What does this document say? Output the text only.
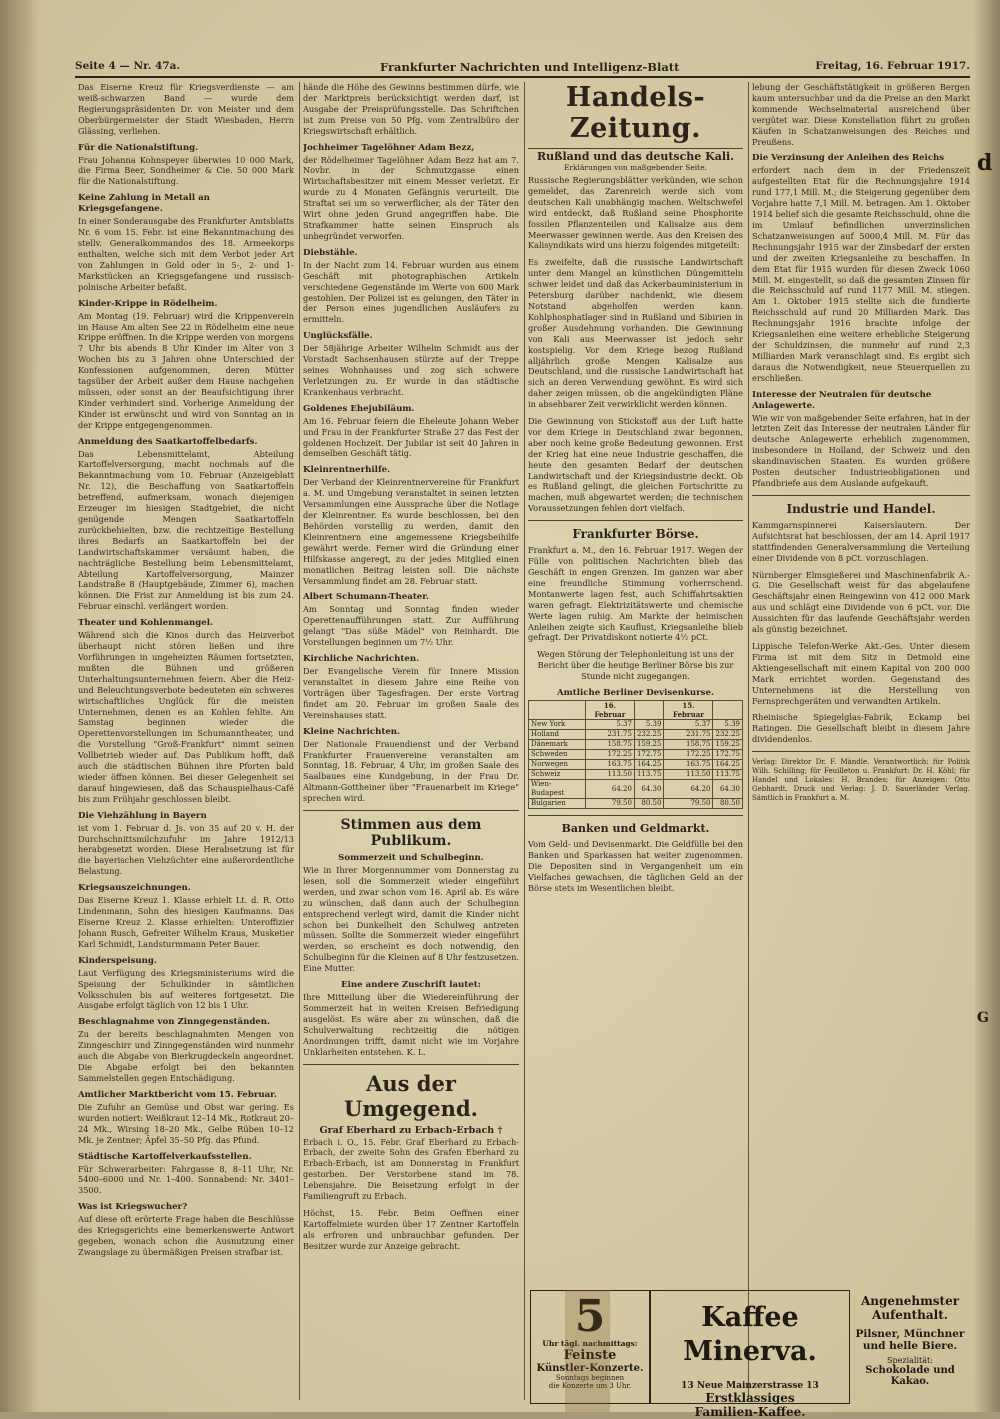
d
G
Seite 4 — Nr. 47a.	Frankfurter Nachrichten und Intelligenz-Blatt	Freitag, 16. Februar 1917.

Das Eiserne Kreuz für Kriegsverdienste — am weiß-schwarzen Band — wurde dem Regierungspräsidenten Dr. von Meister und dem Oberbürgermeister der Stadt Wiesbaden, Herrn Glässing, verliehen.

Für die Nationalstiftung.

Frau Johanna Kohnspeyer überwies 10 000 Mark, die Firma Beer, Sondheimer & Cie. 50 000 Mark für die Nationalstiftung.

Keine Zahlung in Metall an Kriegsgefangene.

In einer Sonderausgabe des Frankfurter Amtsblatts Nr. 6 vom 15. Febr. ist eine Bekanntmachung des stellv. Generalkommandos des 18. Armeekorps enthalten, welche sich mit dem Verbot jeder Art von Zahlungen in Gold oder in 5-, 2- und 1-Markstücken an Kriegsgefangene und russisch-polnische Arbeiter befaßt.

Kinder-Krippe in Rödelheim.

Am Montag (19. Februar) wird die Krippenverein im Hause Am alten See 22 in Rödelheim eine neue Krippe eröffnen. In die Krippe werden von morgens 7 Uhr bis abends 8 Uhr Kinder im Alter von 3 Wochen bis zu 3 Jahren ohne Unterschied der Konfessionen aufgenommen, deren Mütter tagsüber der Arbeit außer dem Hause nachgehen müssen, oder sonst an der Beaufsichtigung ihrer Kinder verhindert sind. Vorherige Anmeldung der Kinder ist erwünscht und wird von Sonntag an in der Krippe entgegengenommen.

Anmeldung des Saatkartoffelbedarfs.

Das Lebensmittelamt, Abteilung Kartoffelversorgung, macht nochmals auf die Bekanntmachung vom 10. Februar (Anzeigeblatt Nr. 12), die Beschaffung von Saatkartoffeln betreffend, aufmerksam, wonach diejenigen Erzeuger im hiesigen Stadtgebiet, die nicht genügende Mengen Saatkartoffeln zurückbehielten, bzw. die rechtzeitige Bestellung ihres Bedarfs an Saatkartoffeln bei der Landwirtschaftskammer versäumt haben, die nachträgliche Bestellung beim Lebensmittelamt, Abteilung Kartoffelversorgung, Mainzer Landstraße 8 (Hauptgebäude, Zimmer 6), machen können. Die Frist zur Anmeldung ist bis zum 24. Februar einschl. verlängert worden.

Theater und Kohlenmangel.

Während sich die Kinos durch das Heizverbot überhaupt nicht stören ließen und ihre Vorführungen in ungeheizten Räumen fortsetzten, mußten die Bühnen und größeren Unterhaltungsunternehmen feiern. Aber die Heiz- und Beleuchtungsverbote bedeuteten ein schweres wirtschaftliches Unglück für die meisten Unternehmen, denen es an Kohlen fehlte. Am Samstag beginnen wieder die Operettenvorstellungen im Schumanntheater, und die Vorstellung "Groß-Frankfurt" nimmt seinen Vollbetrieb wieder auf. Das Publikum hofft, daß auch die städtischen Bühnen ihre Pforten bald wieder öffnen können. Bei dieser Gelegenheit sei darauf hingewiesen, daß das Schauspielhaus-Café bis zum Frühjahr geschlossen bleibt.

Die Viehzählung in Bayern

ist vom 1. Februar d. Js. von 35 auf 20 v. H. der Durchschnittsmilchzufuhr im Jahre 1912/13 herabgesetzt worden. Diese Herabsetzung ist für die bayerischen Viehzüchter eine außerordentliche Belastung.

Kriegsauszeichnungen.

Das Eiserne Kreuz 1. Klasse erhielt Lt. d. R. Otto Lindenmann, Sohn des hiesigen Kaufmanns. Das Eiserne Kreuz 2. Klasse erhielten: Unteroffizier Johann Rusch, Gefreiter Wilhelm Kraus, Musketier Karl Schmidt, Landsturmmann Peter Bauer.

Kinderspeisung.

Laut Verfügung des Kriegsministeriums wird die Speisung der Schulkinder in sämtlichen Volksschulen bis auf weiteres fortgesetzt. Die Ausgabe erfolgt täglich von 12 bis 1 Uhr.

Beschlagnahme von Zinngegenständen.

Zu der bereits beschlagnahmten Mengen von Zinngeschirr und Zinngegenständen wird nunmehr auch die Abgabe von Bierkrugdeckeln angeordnet. Die Abgabe erfolgt bei den bekannten Sammelstellen gegen Entschädigung.

Amtlicher Marktbericht vom 15. Februar.

Die Zufuhr an Gemüse und Obst war gering. Es wurden notiert: Weißkraut 12–14 Mk., Rotkraut 20–24 Mk., Wirsing 18–20 Mk., Gelbe Rüben 10–12 Mk. je Zentner; Äpfel 35–50 Pfg. das Pfund.

Städtische Kartoffelverkaufsstellen.

Für Schwerarbeiter: Fahrgasse 8, 8–11 Uhr, Nr. 5400–6000 und Nr. 1–400. Sonnabend: Nr. 3401–3500.

Was ist Kriegswucher?

Auf diese oft erörterte Frage haben die Beschlüsse des Kriegsgerichts eine bemerkenswerte Antwort gegeben, wonach schon die Ausnutzung einer Zwangslage zu übermäßigen Preisen strafbar ist.

hände die Höhe des Gewinns bestimmen dürfe, wie der Marktpreis berücksichtigt werden darf, ist Ausgabe der Preisprüfungsstelle. Das Schriftchen ist zum Preise von 50 Pfg. vom Zentralbüro der Kriegswirtschaft erhältlich.

Jochheimer Tagelöhner Adam Bezz,

der Rödelheimer Tagelöhner Adam Bezz hat am 7. Novbr. in der Schmutzgasse einen Wirtschaftsbesitzer mit einem Messer verletzt. Er wurde zu 4 Monaten Gefängnis verurteilt. Die Straftat sei um so verwerflicher, als der Täter den Wirt ohne jeden Grund angegriffen habe. Die Strafkammer hatte seinen Einspruch als unbegründet verworfen.

Diebstähle.

In der Nacht zum 14. Februar wurden aus einem Geschäft mit photographischen Artikeln verschiedene Gegenstände im Werte von 600 Mark gestohlen. Der Polizei ist es gelungen, den Täter in der Person eines jugendlichen Ausläufers zu ermitteln.

Unglücksfälle.

Der 58jährige Arbeiter Wilhelm Schmidt aus der Vorstadt Sachsenhausen stürzte auf der Treppe seines Wohnhauses und zog sich schwere Verletzungen zu. Er wurde in das städtische Krankenhaus verbracht.

Goldenes Ehejubiläum.

Am 16. Februar feiern die Eheleute Johann Weber und Frau in der Frankfurter Straße 27 das Fest der goldenen Hochzeit. Der Jubilar ist seit 40 Jahren in demselben Geschäft tätig.

Kleinrentnerhilfe.

Der Verband der Kleinrentnervereine für Frankfurt a. M. und Umgebung veranstaltet in seinen letzten Versammlungen eine Aussprache über die Notlage der Kleinrentner. Es wurde beschlossen, bei den Behörden vorstellig zu werden, damit den Kleinrentnern eine angemessene Kriegsbeihilfe gewährt werde. Ferner wird die Gründung einer Hilfskasse angeregt, zu der jedes Mitglied einen monatlichen Beitrag leisten soll. Die nächste Versammlung findet am 28. Februar statt.

Albert Schumann-Theater.

Am Sonntag und Sonntag finden wieder Operettenaufführungen statt. Zur Aufführung gelangt "Das süße Mädel" von Reinhardt. Die Vorstellungen beginnen um 7½ Uhr.

Kirchliche Nachrichten.

Der Evangelische Verein für Innere Mission veranstaltet in diesem Jahre eine Reihe von Vorträgen über Tagesfragen. Der erste Vortrag findet am 20. Februar im großen Saale des Vereinshauses statt.

Kleine Nachrichten.

Der Nationale Frauendienst und der Verband Frankfurter Frauenvereine veranstalten am Sonntag, 18. Februar, 4 Uhr, im großen Saale des Saalbaues eine Kundgebung, in der Frau Dr. Altmann-Gottheiner über "Frauenarbeit im Kriege" sprechen wird.

Stimmen aus dem Publikum.
Sommerzeit und Schulbeginn.

Wie in Ihrer Morgennummer vom Donnerstag zu lesen, soll die Sommerzeit wieder eingeführt werden, und zwar schon vom 16. April ab. Es wäre zu wünschen, daß dann auch der Schulbeginn entsprechend verlegt wird, damit die Kinder nicht schon bei Dunkelheit den Schulweg antreten müssen. Sollte die Sommerzeit wieder eingeführt werden, so erscheint es doch notwendig, den Schulbeginn für die Kleinen auf 8 Uhr festzusetzen. Eine Mutter.

Eine andere Zuschrift lautet:

Ihre Mitteilung über die Wiedereinführung der Sommerzeit hat in weiten Kreisen Befriedigung ausgelöst. Es wäre aber zu wünschen, daß die Schulverwaltung rechtzeitig die nötigen Anordnungen trifft, damit nicht wie im Vorjahre Unklarheiten entstehen. K. L.

Aus der Umgegend.
Graf Eberhard zu Erbach-Erbach †

Erbach i. O., 15. Febr. Graf Eberhard zu Erbach-Erbach, der zweite Sohn des Grafen Eberhard zu Erbach-Erbach, ist am Donnerstag in Frankfurt gestorben. Der Verstorbene stand im 78. Lebensjahre. Die Beisetzung erfolgt in der Familiengruft zu Erbach.

Höchst, 15. Febr. Beim Oeffnen einer Kartoffelmiete wurden über 17 Zentner Kartoffeln als erfroren und unbrauchbar gefunden. Der Besitzer wurde zur Anzeige gebracht.

Handels-Zeitung.
Rußland und das deutsche Kali.
Erklärungen von maßgebender Seite.

Russische Regierungsblätter verkünden, wie schon gemeldet, das Zarenreich werde sich vom deutschen Kali unabhängig machen. Weltschwefel wird entdeckt, daß Rußland seine Phosphorite fossilen Pflanzenteilen und Kalisalze aus dem Meerwasser gewinnen werde. Aus den Kreisen des Kalisyndikats wird uns hierzu folgendes mitgeteilt:

Es zweifelte, daß die russische Landwirtschaft unter dem Mangel an künstlichen Düngemitteln schwer leidet und daß das Ackerbauministerium in Petersburg darüber nachdenkt, wie diesem Notstand abgeholfen werden kann. Kohlphosphatlager sind in Rußland und Sibirien in großer Ausdehnung vorhanden. Die Gewinnung von Kali aus Meerwasser ist jedoch sehr kostspielig. Vor dem Kriege bezog Rußland alljährlich große Mengen Kalisalze aus Deutschland, und die russische Landwirtschaft hat sich an deren Verwendung gewöhnt. Es wird sich daher zeigen müssen, ob die angekündigten Pläne in absehbarer Zeit verwirklicht werden können.

Die Gewinnung von Stickstoff aus der Luft hatte vor dem Kriege in Deutschland zwar begonnen, aber noch keine große Bedeutung gewonnen. Erst der Krieg hat eine neue Industrie geschaffen, die heute den gesamten Bedarf der deutschen Landwirtschaft und der Kriegsindustrie deckt. Ob es Rußland gelingt, die gleichen Fortschritte zu machen, muß abgewartet werden; die technischen Voraussetzungen fehlen dort vielfach.

Frankfurter Börse.

Frankfurt a. M., den 16. Februar 1917. Wegen der Fülle von politischen Nachrichten blieb das Geschäft in engen Grenzen. Im ganzen war aber eine freundliche Stimmung vorherrschend. Montanwerte lagen fest, auch Schiffahrtsaktien waren gefragt. Elektrizitätswerte und chemische Werte lagen ruhig. Am Markte der heimischen Anleihen zeigte sich Kauflust, Kriegsanleihe blieb gefragt. Der Privatdiskont notierte 4½ pCt.

Wegen Störung der Telephonleitung ist uns der Bericht über die heutige Berliner Börse bis zur Stunde nicht zugegangen.

Amtliche Berliner Devisenkurse.
	16. Februar		15. Februar	
New York	5.37	5.39	5.37	5.39
Holland	231.75	232.25	231.75	232.25
Dänemark	158.75	159.25	158.75	159.25
Schweden	172.25	172.75	172.25	172.75
Norwegen	163.75	164.25	163.75	164.25
Schweiz	113.50	113.75	113.50	113.75
Wien-Budapest	64.20	64.30	64.20	64.30
Bulgarien	79.50	80.50	79.50	80.50
Banken und Geldmarkt.

Vom Geld- und Devisenmarkt. Die Geldfülle bei den Banken und Sparkassen hat weiter zugenommen. Die Depositen sind in Vergangenheit um ein Vielfaches gewachsen, die täglichen Geld an der Börse stets im Wesentlichen bleibt.

lebung der Geschäftstätigkeit in größeren Bergen kaum untersuchbar und da die Preise an den Markt kommende Wechselmaterial ausreichend über vergütet war. Diese Konstellation führt zu großen Käufen in Schatzanweisungen des Reiches und Preußens.

Die Verzinsung der Anleihen des Reichs

erfordert nach dem in der Friedenszeit aufgestellten Etat für die Rechnungsjahre 1914 rund 177,1 Mill. M.; die Steigerung gegenüber dem Vorjahre hatte 7,1 Mill. M. betragen. Am 1. Oktober 1914 belief sich die gesamte Reichsschuld, ohne die im Umlauf befindlichen unverzinslichen Schatzanweisungen auf 5000,4 Mill. M. Für das Rechnungsjahr 1915 war der Zinsbedarf der ersten und der zweiten Kriegsanleihe zu beschaffen. In dem Etat für 1915 wurden für diesen Zweck 1060 Mill. M. eingestellt, so daß die gesamten Zinsen für die Reichsschuld auf rund 1177 Mill. M. stiegen. Am 1. Oktober 1915 stellte sich die fundierte Reichsschuld auf rund 20 Milliarden Mark. Das Rechnungsjahr 1916 brachte infolge der Kriegsanleihen eine weitere erhebliche Steigerung der Schuldzinsen, die nunmehr auf rund 2,3 Milliarden Mark veranschlagt sind. Es ergibt sich daraus die Notwendigkeit, neue Steuerquellen zu erschließen.

Interesse der Neutralen für deutsche Anlagewerte.

Wie wir von maßgebender Seite erfahren, hat in der letzten Zeit das Interesse der neutralen Länder für deutsche Anlagewerte erheblich zugenommen, insbesondere in Holland, der Schweiz und den skandinavischen Staaten. Es wurden größere Posten deutscher Industrieobligationen und Pfandbriefe aus dem Auslande aufgekauft.

Industrie und Handel.

Kammgarnspinnerei Kaiserslautern. Der Aufsichtsrat hat beschlossen, der am 14. April 1917 stattfindenden Generalversammlung die Verteilung einer Dividende von 8 pCt. vorzuschlagen.

Nürnberger Elmsgießerei und Maschinenfabrik A.-G. Die Gesellschaft weist für das abgelaufene Geschäftsjahr einen Reingewinn von 412 000 Mark aus und schlägt eine Dividende von 6 pCt. vor. Die Aussichten für das laufende Geschäftsjahr werden als günstig bezeichnet.

Lippische Telefon-Werke Akt.-Ges. Unter diesem Firma ist mit dem Sitz in Detmold eine Aktiengesellschaft mit einem Kapital von 200 000 Mark errichtet worden. Gegenstand des Unternehmens ist die Herstellung von Fernsprechgeräten und verwandten Artikeln.

Rheinische Spiegelglas-Fabrik, Eckamp bei Ratingen. Die Gesellschaft bleibt in diesem Jahre dividendenlos.

Verlag: Direktor Dr. F. Mändle. Verantwortlich: für Politik Wilh. Schilling; für Feuilleton u. Frankfurt: Dr. H. Köhl; für Handel und Lokales: H. Brandes; für Anzeigen: Otto Gebhardt. Druck und Verlag: J. D. Sauerländer Verlag. Sämtlich in Frankfurt a. M.

5
Uhr tägl. nachmittags:
Feinste
Künstler-Konzerte.
Sonntags beginnen
die Konzerte um 3 Uhr.
Kaffee Minerva.
13 Neue Mainzerstrasse 13
Erstklassiges
Familien-Kaffee.
Angenehmster
Aufenthalt.
Pilsner, Münchner
und helle Biere.
Spezialität:
Schokolade und Kakao.
